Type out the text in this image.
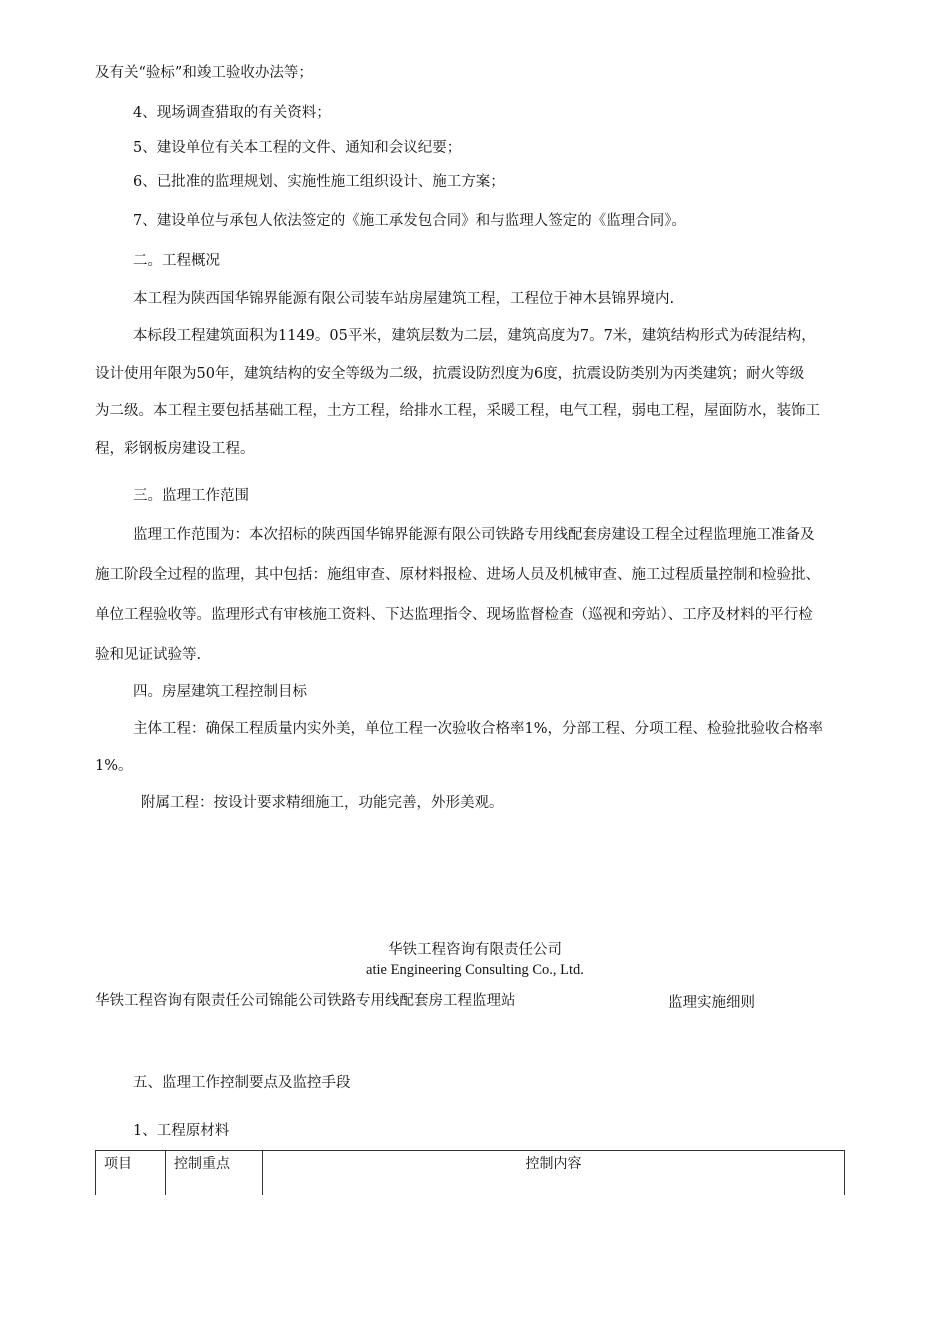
及有关“验标”和竣工验收办法等；
4、现场调查猎取的有关资料；
5、建设单位有关本工程的文件、通知和会议纪要；
6、已批准的监理规划、实施性施工组织设计、施工方案；
7、建设单位与承包人依法签定的《施工承发包合同》和与监理人签定的《监理合同》。
二。工程概况
本工程为陕西国华锦界能源有限公司装车站房屋建筑工程，工程位于神木县锦界境内.
本标段工程建筑面积为1149。05平米，建筑层数为二层，建筑高度为7。7米，建筑结构形式为砖混结构，
设计使用年限为50年，建筑结构的安全等级为二级，抗震设防烈度为6度，抗震设防类别为丙类建筑；耐火等级
为二级。本工程主要包括基础工程，土方工程，给排水工程，采暖工程，电气工程，弱电工程，屋面防水，装饰工
程，彩钢板房建设工程。
三。监理工作范围
监理工作范围为：本次招标的陕西国华锦界能源有限公司铁路专用线配套房建设工程全过程监理施工准备及
施工阶段全过程的监理，其中包括：施组审查、原材料报检、进场人员及机械审查、施工过程质量控制和检验批、
单位工程验收等。监理形式有审核施工资料、下达监理指令、现场监督检查（巡视和旁站）、工序及材料的平行检
验和见证试验等.
四。房屋建筑工程控制目标
主体工程：确保工程质量内实外美，单位工程一次验收合格率1%，分部工程、分项工程、检验批验收合格率
1%。
附属工程：按设计要求精细施工，功能完善，外形美观。
华铁工程咨询有限责任公司
atie Engineering Consulting Co., Ltd.
华铁工程咨询有限责任公司锦能公司铁路专用线配套房工程监理站	监理实施细则
五、监理工作控制要点及监控手段
1、工程原材料
项目	控制重点	控制内容
